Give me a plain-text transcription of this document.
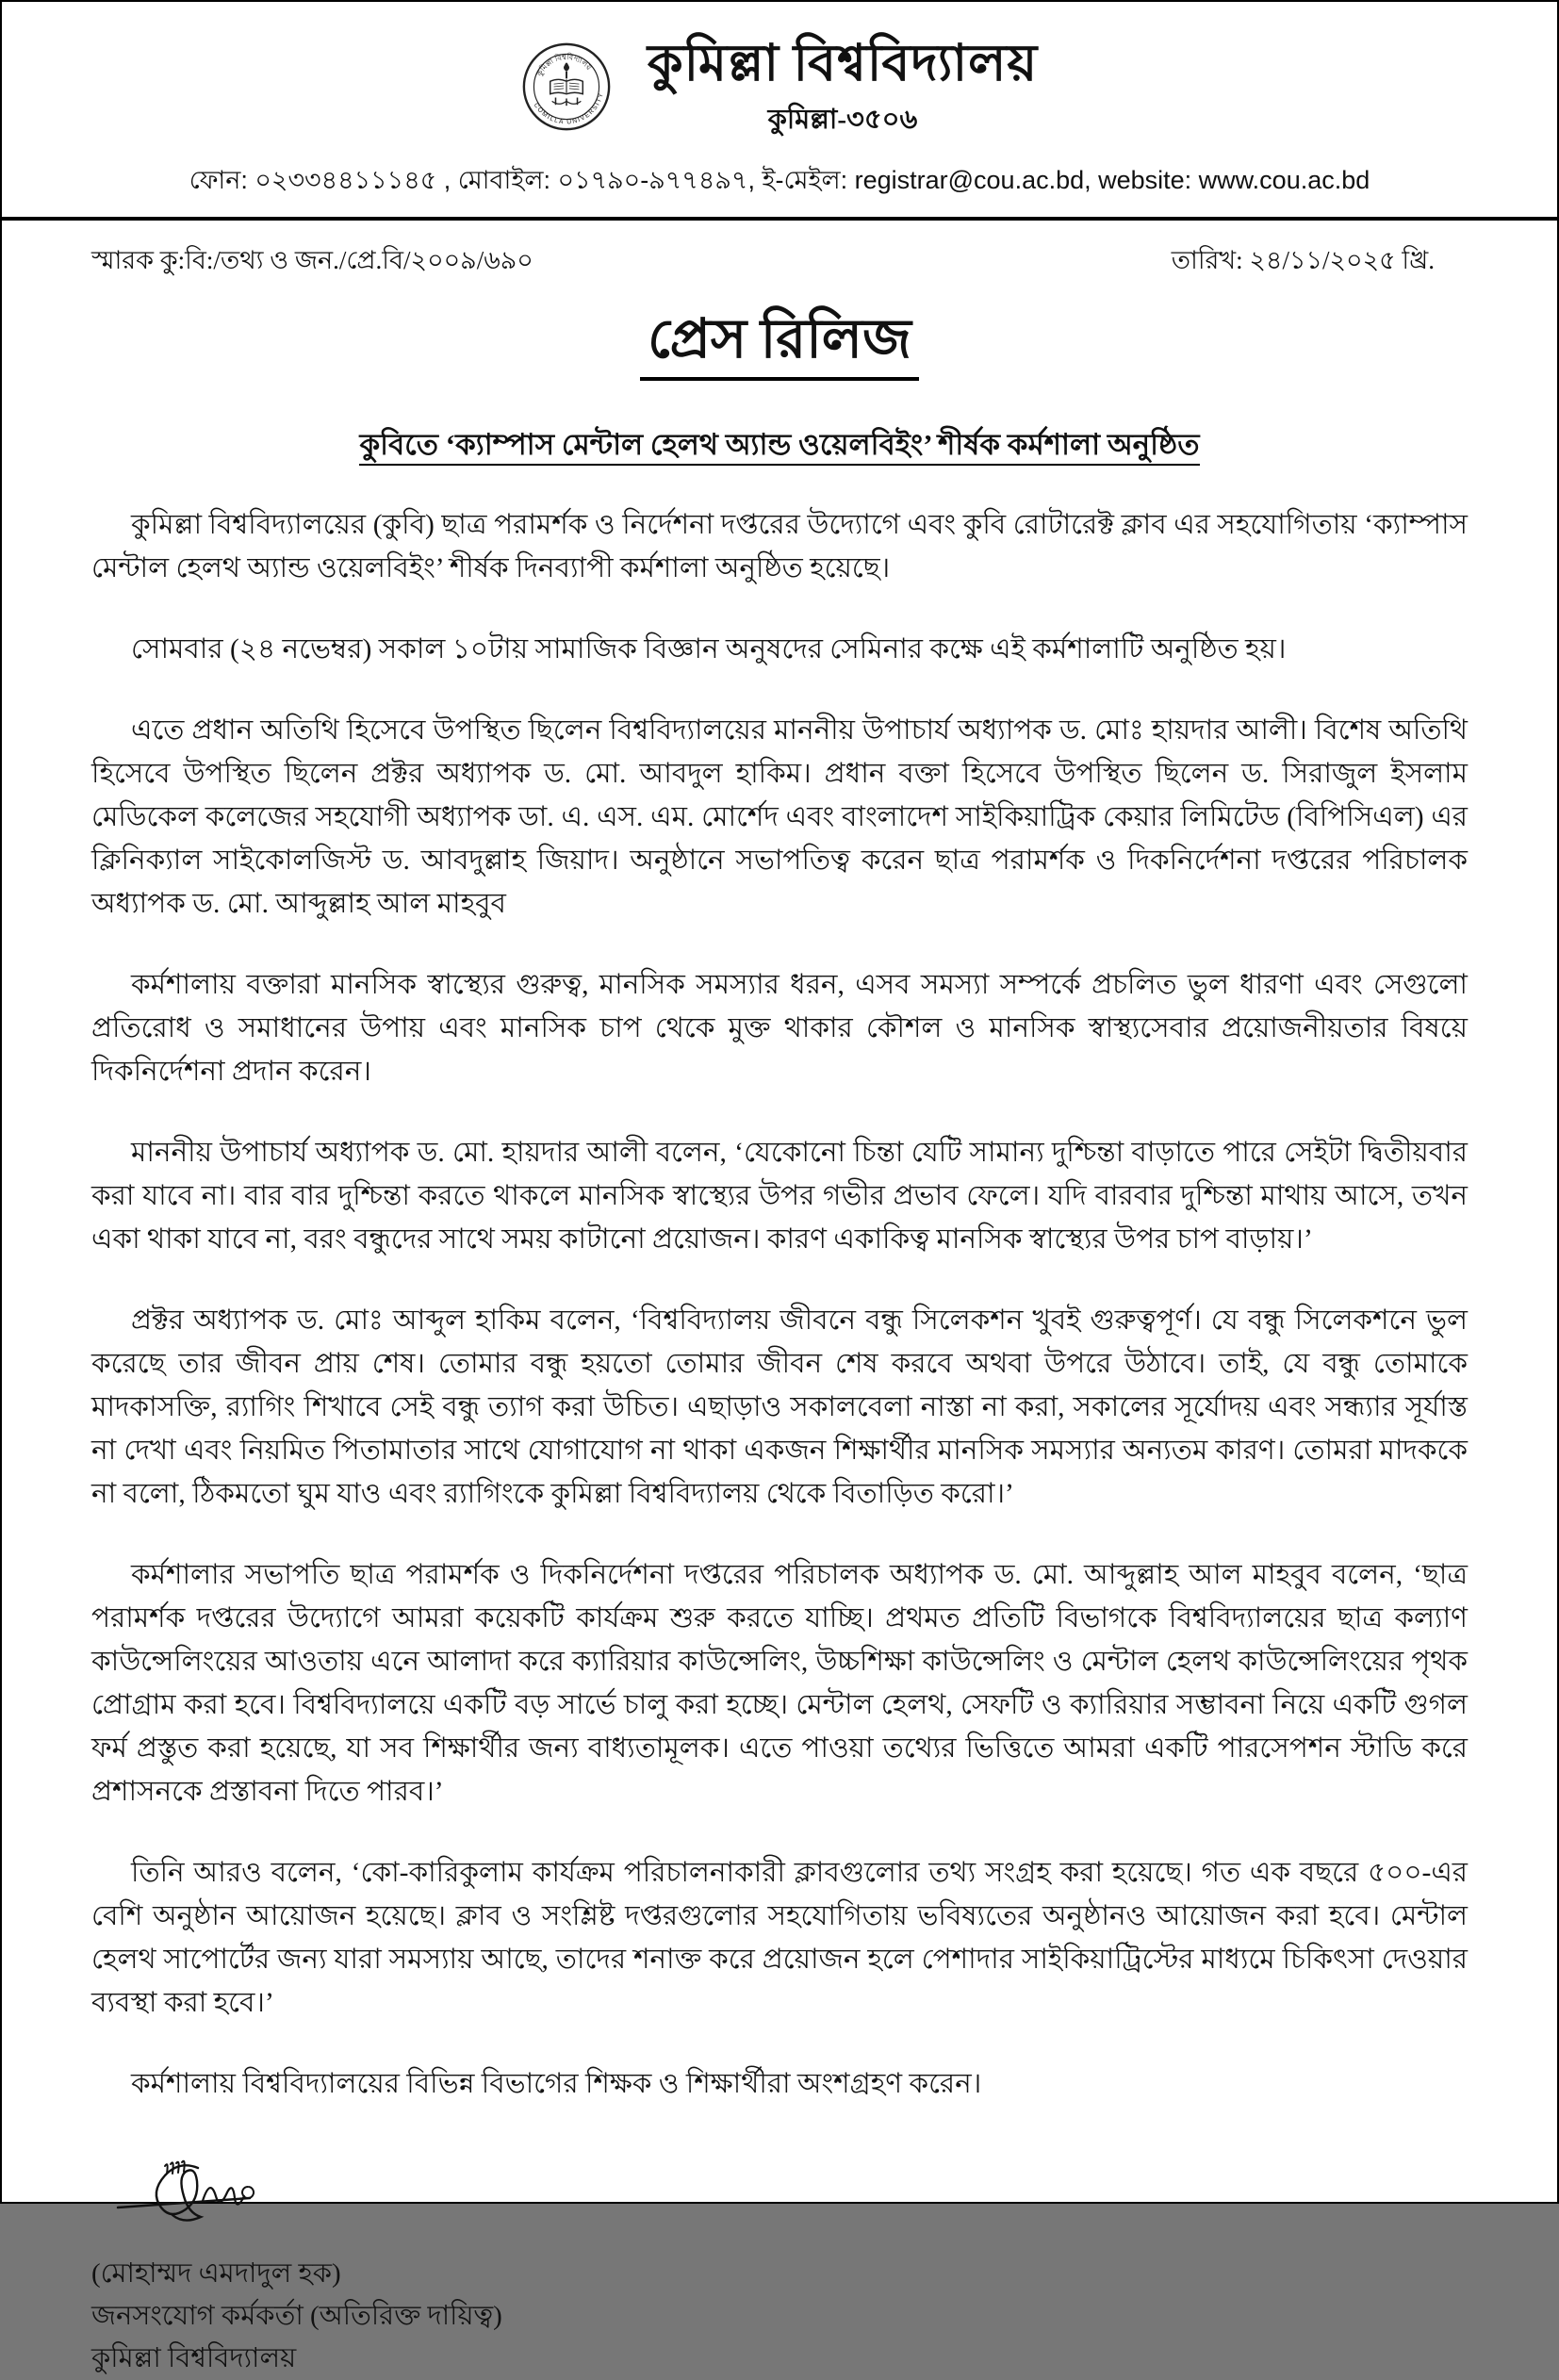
কুমিল্লা বিশ্ববিদ্যালয়
COMILLA UNIVERSITY
কুমিল্লা বিশ্ববিদ্যালয়
কুমিল্লা-৩৫০৬
ফোন: ০২৩৩৪৪১১১৪৫ , মোবাইল: ০১৭৯০-৯৭৭৪৯৭, ই-মেইল: registrar@cou.ac.bd, website: www.cou.ac.bd
স্মারক কু:বি:/তথ্য ও জন./প্রে.বি/২০০৯/৬৯০	তারিখ: ২৪/১১/২০২৫ খ্রি.
প্রেস রিলিজ
কুবিতে ‘ক্যাম্পাস মেন্টাল হেলথ অ্যান্ড ওয়েলবিইং’ শীর্ষক কর্মশালা অনুষ্ঠিত

কুমিল্লা বিশ্ববিদ্যালয়ের (কুবি) ছাত্র পরামর্শক ও নির্দেশনা দপ্তরের উদ্যোগে এবং কুবি রোটারেক্ট ক্লাব এর সহযোগিতায় ‘ক্যাম্পাস মেন্টাল হেলথ অ্যান্ড ওয়েলবিইং’ শীর্ষক দিনব্যাপী কর্মশালা অনুষ্ঠিত হয়েছে।

সোমবার (২৪ নভেম্বর) সকাল ১০টায় সামাজিক বিজ্ঞান অনুষদের সেমিনার কক্ষে এই কর্মশালাটি অনুষ্ঠিত হয়।

এতে প্রধান অতিথি হিসেবে উপস্থিত ছিলেন বিশ্ববিদ্যালয়ের মাননীয় উপাচার্য অধ্যাপক ড. মোঃ হায়দার আলী। বিশেষ অতিথি হিসেবে উপস্থিত ছিলেন প্রক্টর অধ্যাপক ড. মো. আবদুল হাকিম। প্রধান বক্তা হিসেবে উপস্থিত ছিলেন ড. সিরাজুল ইসলাম মেডিকেল কলেজের সহযোগী অধ্যাপক ডা. এ. এস. এম. মোর্শেদ এবং বাংলাদেশ সাইকিয়াট্রিক কেয়ার লিমিটেড (বিপিসিএল) এর ক্লিনিক্যাল সাইকোলজিস্ট ড. আবদুল্লাহ জিয়াদ। অনুষ্ঠানে সভাপতিত্ব করেন ছাত্র পরামর্শক ও দিকনির্দেশনা দপ্তরের পরিচালক অধ্যাপক ড. মো. আব্দুল্লাহ আল মাহবুব

কর্মশালায় বক্তারা মানসিক স্বাস্থ্যের গুরুত্ব, মানসিক সমস্যার ধরন, এসব সমস্যা সম্পর্কে প্রচলিত ভুল ধারণা এবং সেগুলো প্রতিরোধ ও সমাধানের উপায় এবং মানসিক চাপ থেকে মুক্ত থাকার কৌশল ও মানসিক স্বাস্থ্যসেবার প্রয়োজনীয়তার বিষয়ে দিকনির্দেশনা প্রদান করেন।

মাননীয় উপাচার্য অধ্যাপক ড. মো. হায়দার আলী বলেন, ‘যেকোনো চিন্তা যেটি সামান্য দুশ্চিন্তা বাড়াতে পারে সেইটা দ্বিতীয়বার করা যাবে না। বার বার দুশ্চিন্তা করতে থাকলে মানসিক স্বাস্থ্যের উপর গভীর প্রভাব ফেলে। যদি বারবার দুশ্চিন্তা মাথায় আসে, তখন একা থাকা যাবে না, বরং বন্ধুদের সাথে সময় কাটানো প্রয়োজন। কারণ একাকিত্ব মানসিক স্বাস্থ্যের উপর চাপ বাড়ায়।’

প্রক্টর অধ্যাপক ড. মোঃ আব্দুল হাকিম বলেন, ‘বিশ্ববিদ্যালয় জীবনে বন্ধু সিলেকশন খুবই গুরুত্বপূর্ণ। যে বন্ধু সিলেকশনে ভুল করেছে তার জীবন প্রায় শেষ। তোমার বন্ধু হয়তো তোমার জীবন শেষ করবে অথবা উপরে উঠাবে। তাই, যে বন্ধু তোমাকে মাদকাসক্তি, র‍্যাগিং শিখাবে সেই বন্ধু ত্যাগ করা উচিত। এছাড়াও সকালবেলা নাস্তা না করা, সকালের সূর্যোদয় এবং সন্ধ্যার সূর্যাস্ত না দেখা এবং নিয়মিত পিতামাতার সাথে যোগাযোগ না থাকা একজন শিক্ষার্থীর মানসিক সমস্যার অন্যতম কারণ। তোমরা মাদককে না বলো, ঠিকমতো ঘুম যাও এবং র‍্যাগিংকে কুমিল্লা বিশ্ববিদ্যালয় থেকে বিতাড়িত করো।’

কর্মশালার সভাপতি ছাত্র পরামর্শক ও দিকনির্দেশনা দপ্তরের পরিচালক অধ্যাপক ড. মো. আব্দুল্লাহ আল মাহবুব বলেন, ‘ছাত্র পরামর্শক দপ্তরের উদ্যোগে আমরা কয়েকটি কার্যক্রম শুরু করতে যাচ্ছি। প্রথমত প্রতিটি বিভাগকে বিশ্ববিদ্যালয়ের ছাত্র কল্যাণ কাউন্সেলিংয়ের আওতায় এনে আলাদা করে ক্যারিয়ার কাউন্সেলিং, উচ্চশিক্ষা কাউন্সেলিং ও মেন্টাল হেলথ কাউন্সেলিংয়ের পৃথক প্রোগ্রাম করা হবে। বিশ্ববিদ্যালয়ে একটি বড় সার্ভে চালু করা হচ্ছে। মেন্টাল হেলথ, সেফটি ও ক্যারিয়ার সম্ভাবনা নিয়ে একটি গুগল ফর্ম প্রস্তুত করা হয়েছে, যা সব শিক্ষার্থীর জন্য বাধ্যতামূলক। এতে পাওয়া তথ্যের ভিত্তিতে আমরা একটি পারসেপশন স্টাডি করে প্রশাসনকে প্রস্তাবনা দিতে পারব।’

তিনি আরও বলেন, ‘কো-কারিকুলাম কার্যক্রম পরিচালনাকারী ক্লাবগুলোর তথ্য সংগ্রহ করা হয়েছে। গত এক বছরে ৫০০-এর বেশি অনুষ্ঠান আয়োজন হয়েছে। ক্লাব ও সংশ্লিষ্ট দপ্তরগুলোর সহযোগিতায় ভবিষ্যতের অনুষ্ঠানও আয়োজন করা হবে। মেন্টাল হেলথ সাপোর্টের জন্য যারা সমস্যায় আছে, তাদের শনাক্ত করে প্রয়োজন হলে পেশাদার সাইকিয়াট্রিস্টের মাধ্যমে চিকিৎসা দেওয়ার ব্যবস্থা করা হবে।’

কর্মশালায় বিশ্ববিদ্যালয়ের বিভিন্ন বিভাগের শিক্ষক ও শিক্ষার্থীরা অংশগ্রহণ করেন।

(মোহাম্মদ এমদাদুল হক)
জনসংযোগ কর্মকর্তা (অতিরিক্ত দায়িত্ব)
কুমিল্লা বিশ্ববিদ্যালয়
